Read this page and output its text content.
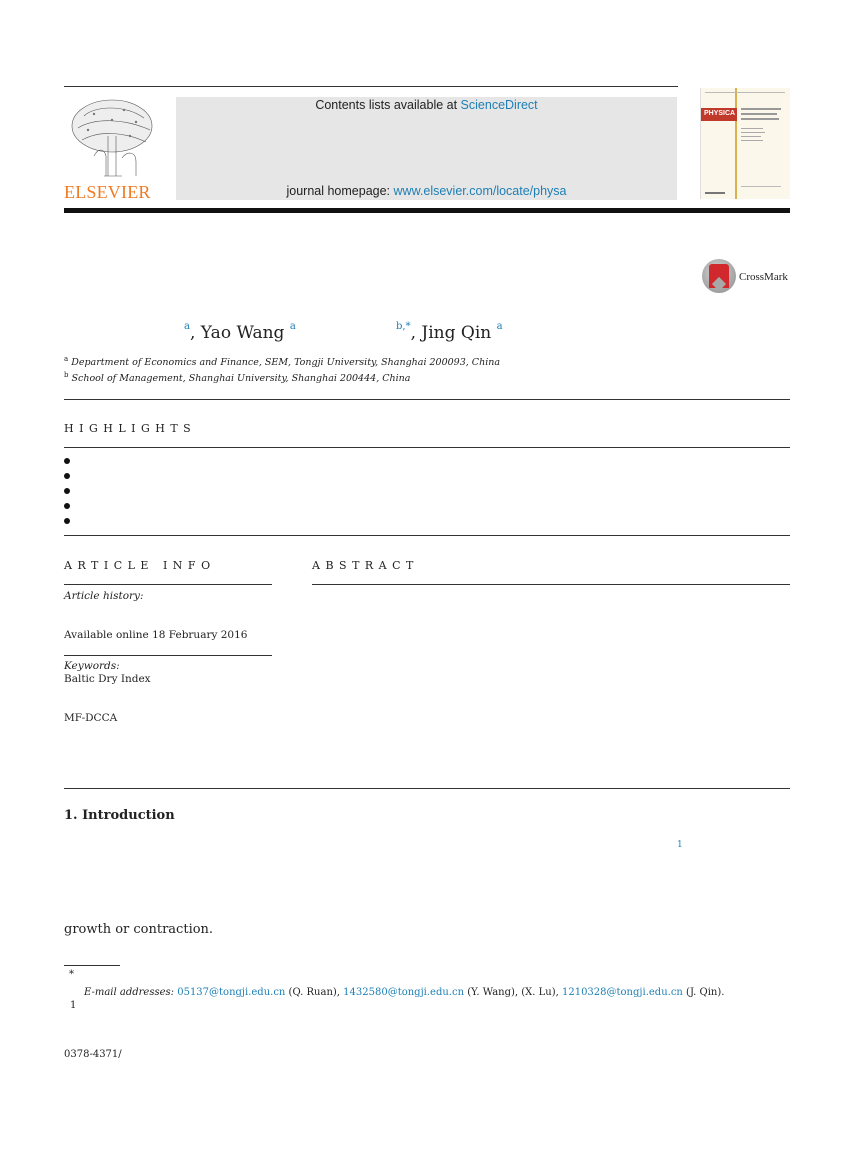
ELSEVIER
Contents lists available at ScienceDirect
journal homepage: www.elsevier.com/locate/physa
PHYSICA
CrossMark
$^a$, Yao Wang $^a$	$^{b,*}$, Jing Qin $^a$
$^a$ Department of Economics and Finance, SEM, Tongji University, Shanghai 200093, China
$^b$ School of Management, Shanghai University, Shanghai 200444, China
HIGHLIGHTS
ARTICLE INFO	ABSTRACT
Article history:
Available online 18 February 2016
Keywords:
Baltic Dry Index
MF-DCCA
1. Introduction
1
growth or contraction.
*
E-mail addresses: 05137@tongji.edu.cn (Q. Ruan), 1432580@tongji.edu.cn (Y. Wang), (X. Lu), 1210328@tongji.edu.cn (J. Qin).
1
0378-4371/
